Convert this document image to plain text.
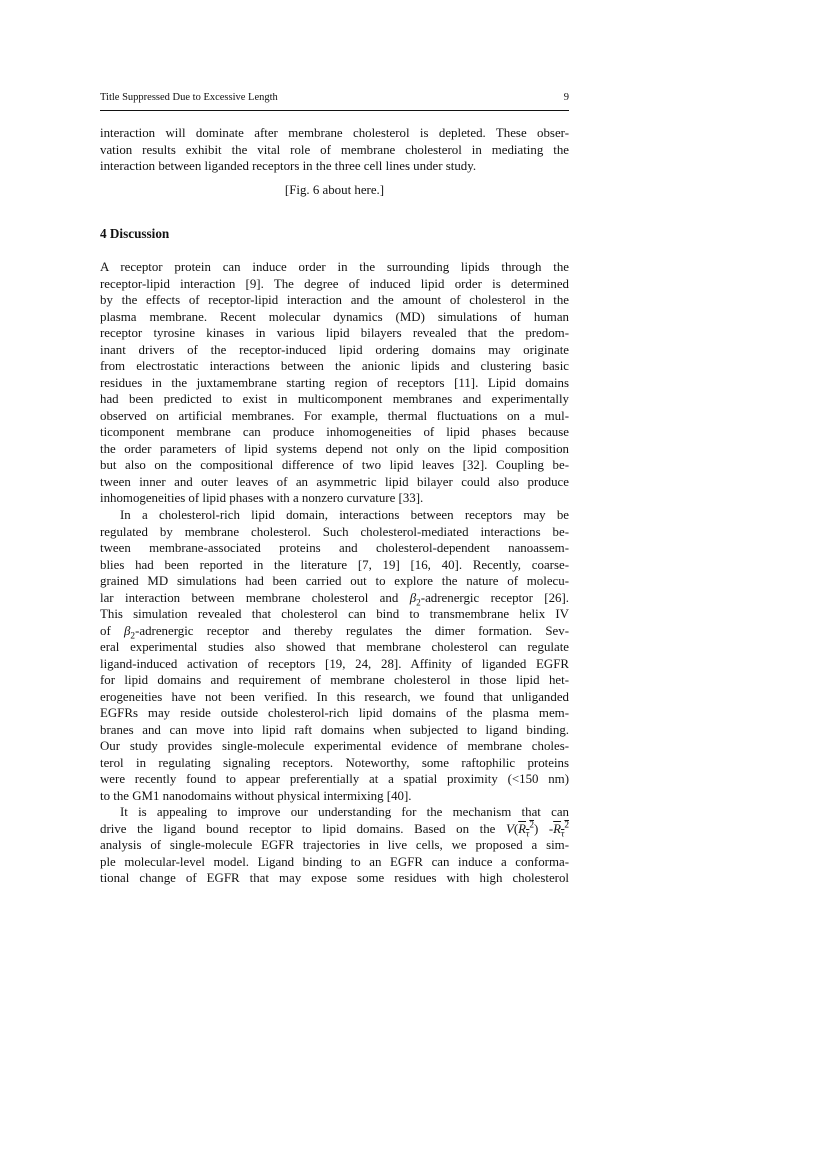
Title Suppressed Due to Excessive Length	9

interaction will dominate after membrane cholesterol is depleted. These obser-
vation results exhibit the vital role of membrane cholesterol in mediating the
interaction between liganded receptors in the three cell lines under study.

[Fig. 6 about here.]
4 Discussion

A receptor protein can induce order in the surrounding lipids through the
receptor-lipid interaction [9]. The degree of induced lipid order is determined
by the effects of receptor-lipid interaction and the amount of cholesterol in the
plasma membrane. Recent molecular dynamics (MD) simulations of human
receptor tyrosine kinases in various lipid bilayers revealed that the predom-
inant drivers of the receptor-induced lipid ordering domains may originate
from electrostatic interactions between the anionic lipids and clustering basic
residues in the juxtamembrane starting region of receptors [11]. Lipid domains
had been predicted to exist in multicomponent membranes and experimentally
observed on artificial membranes. For example, thermal fluctuations on a mul-
ticomponent membrane can produce inhomogeneities of lipid phases because
the order parameters of lipid systems depend not only on the lipid composition
but also on the compositional difference of two lipid leaves [32]. Coupling be-
tween inner and outer leaves of an asymmetric lipid bilayer could also produce
inhomogeneities of lipid phases with a nonzero curvature [33].

In a cholesterol-rich lipid domain, interactions between receptors may be
regulated by membrane cholesterol. Such cholesterol-mediated interactions be-
tween membrane-associated proteins and cholesterol-dependent nanoassem-
blies had been reported in the literature [7, 19] [16, 40]. Recently, coarse-
grained MD simulations had been carried out to explore the nature of molecu-
lar interaction between membrane cholesterol and $\beta_2$-adrenergic receptor [26].
This simulation revealed that cholesterol can bind to transmembrane helix IV
of $\beta_2$-adrenergic receptor and thereby regulates the dimer formation. Sev-
eral experimental studies also showed that membrane cholesterol can regulate
ligand-induced activation of receptors [19, 24, 28]. Affinity of liganded EGFR
for lipid domains and requirement of membrane cholesterol in those lipid het-
erogeneities have not been verified. In this research, we found that unliganded
EGFRs may reside outside cholesterol-rich lipid domains of the plasma mem-
branes and can move into lipid raft domains when subjected to ligand binding.
Our study provides single-molecule experimental evidence of membrane choles-
terol in regulating signaling receptors. Noteworthy, some raftophilic proteins
were recently found to appear preferentially at a spatial proximity (<150 nm)
to the GM1 nanodomains without physical intermixing [40].

It is appealing to improve our understanding for the mechanism that can
drive the ligand bound receptor to lipid domains. Based on the $V(R_\tau^2)$ $-R_\tau^2$
analysis of single-molecule EGFR trajectories in live cells, we proposed a sim-
ple molecular-level model. Ligand binding to an EGFR can induce a conforma-
tional change of EGFR that may expose some residues with high cholesterol
